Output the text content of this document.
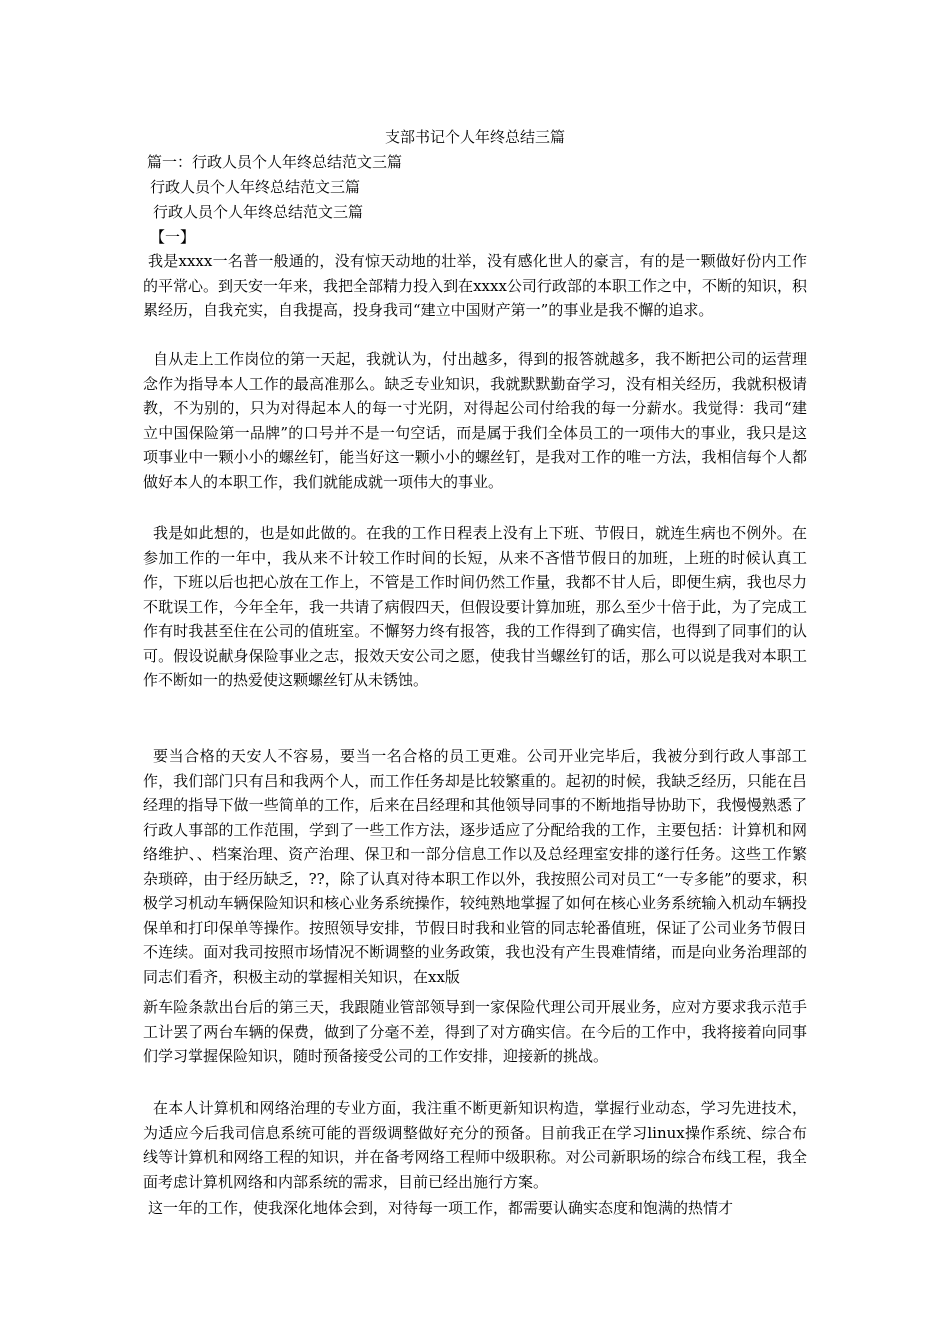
支部书记个人年终总结三篇
篇一：行政人员个人年终总结范文三篇
行政人员个人年终总结范文三篇
行政人员个人年终总结范文三篇
【一】

我是xxxx一名普一般通的，没有惊天动地的壮举，没有感化世人的豪言，有的是一颗做好份内工作的平常心。到天安一年来，我把全部精力投入到在xxxx公司行政部的本职工作之中，不断的知识，积累经历，自我充实，自我提高，投身我司“建立中国财产第一”的事业是我不懈的追求。

自从走上工作岗位的第一天起，我就认为，付出越多，得到的报答就越多，我不断把公司的运营理念作为指导本人工作的最高准那么。缺乏专业知识，我就默默勤奋学习，没有相关经历，我就积极请教，不为别的，只为对得起本人的每一寸光阴，对得起公司付给我的每一分薪水。我觉得：我司“建立中国保险第一品牌”的口号并不是一句空话，而是属于我们全体员工的一项伟大的事业，我只是这项事业中一颗小小的螺丝钉，能当好这一颗小小的螺丝钉，是我对工作的唯一方法，我相信每个人都做好本人的本职工作，我们就能成就一项伟大的事业。

我是如此想的，也是如此做的。在我的工作日程表上没有上下班、节假日，就连生病也不例外。在参加工作的一年中，我从来不计较工作时间的长短，从来不吝惜节假日的加班，上班的时候认真工作，下班以后也把心放在工作上，不管是工作时间仍然工作量，我都不甘人后，即便生病，我也尽力不耽误工作，今年全年，我一共请了病假四天，但假设要计算加班，那么至少十倍于此，为了完成工作有时我甚至住在公司的值班室。不懈努力终有报答，我的工作得到了确实信，也得到了同事们的认可。假设说献身保险事业之志，报效天安公司之愿，使我甘当螺丝钉的话，那么可以说是我对本职工作不断如一的热爱使这颗螺丝钉从未锈蚀。

要当合格的天安人不容易，要当一名合格的员工更难。公司开业完毕后，我被分到行政人事部工作，我们部门只有吕和我两个人，而工作任务却是比较繁重的。起初的时候，我缺乏经历，只能在吕经理的指导下做一些简单的工作，后来在吕经理和其他领导同事的不断地指导协助下，我慢慢熟悉了行政人事部的工作范围，学到了一些工作方法，逐步适应了分配给我的工作，主要包括：计算机和网络维护、、档案治理、资产治理、保卫和一部分信息工作以及总经理室安排的遂行任务。这些工作繁杂琐碎，由于经历缺乏，??，除了认真对待本职工作以外，我按照公司对员工“一专多能”的要求，积极学习机动车辆保险知识和核心业务系统操作，较纯熟地掌握了如何在核心业务系统输入机动车辆投保单和打印保单等操作。按照领导安排，节假日时我和业管的同志轮番值班，保证了公司业务节假日不连续。面对我司按照市场情况不断调整的业务政策，我也没有产生畏难情绪，而是向业务治理部的同志们看齐，积极主动的掌握相关知识，在xx版

新车险条款出台后的第三天，我跟随业管部领导到一家保险代理公司开展业务，应对方要求我示范手工计罢了两台车辆的保费，做到了分毫不差，得到了对方确实信。在今后的工作中，我将接着向同事们学习掌握保险知识，随时预备接受公司的工作安排，迎接新的挑战。

在本人计算机和网络治理的专业方面，我注重不断更新知识构造，掌握行业动态，学习先进技术，为适应今后我司信息系统可能的晋级调整做好充分的预备。目前我正在学习linux操作系统、综合布线等计算机和网络工程的知识，并在备考网络工程师中级职称。对公司新职场的综合布线工程，我全面考虑计算机网络和内部系统的需求，目前已经出施行方案。

这一年的工作，使我深化地体会到，对待每一项工作，都需要认确实态度和饱满的热情才
